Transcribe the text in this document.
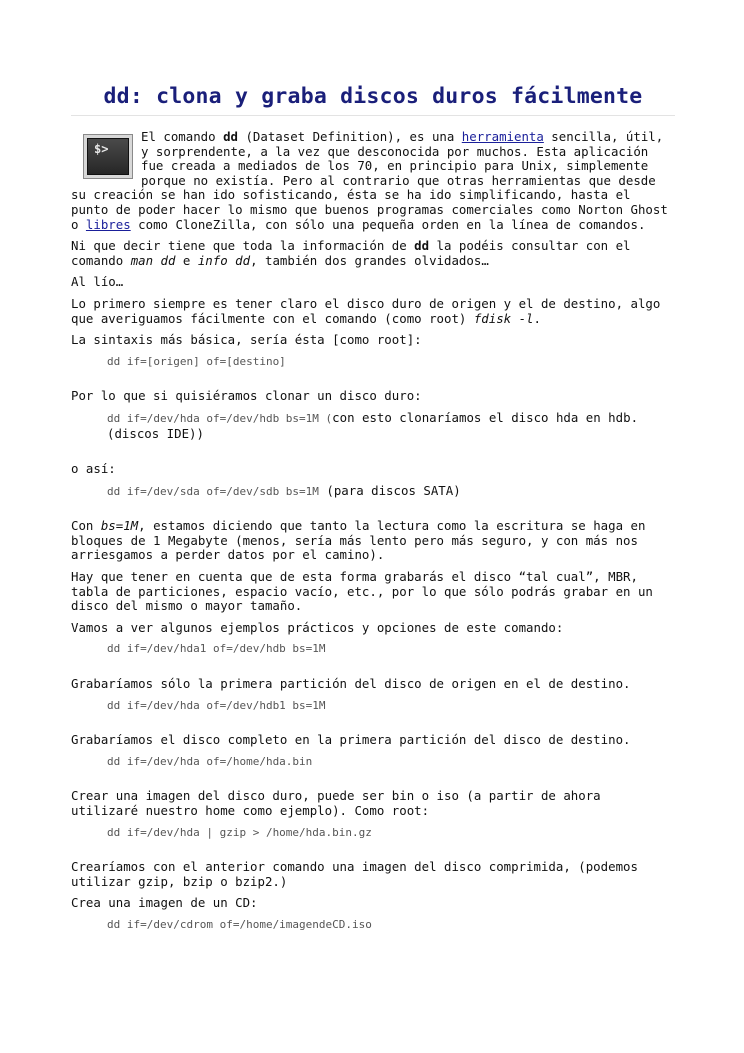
dd: clona y graba discos duros fácilmente
$>

El comando dd (Dataset Definition), es una herramienta sencilla, útil, y sorprendente, a la vez que desconocida por muchos. Esta aplicación fue creada a mediados de los 70, en principio para Unix, simplemente porque no existía. Pero al contrario que otras herramientas que desde su creación se han ido sofisticando, ésta se ha ido simplificando, hasta el punto de poder hacer lo mismo que buenos programas comerciales como Norton Ghost o libres como CloneZilla, con sólo una pequeña orden en la línea de comandos.

Ni que decir tiene que toda la información de dd la podéis consultar con el comando man dd e info dd, también dos grandes olvidados…

Al lío…

Lo primero siempre es tener claro el disco duro de origen y el de destino, algo que averiguamos fácilmente con el comando (como root) fdisk -l.

La sintaxis más básica, sería ésta [como root]:

dd if=[origen] of=[destino]

Por lo que si quisiéramos clonar un disco duro:

dd if=/dev/hda of=/dev/hdb bs=1M (con esto clonaríamos el disco hda en hdb. (discos IDE))

o así:

dd if=/dev/sda of=/dev/sdb bs=1M (para discos SATA)

Con bs=1M, estamos diciendo que tanto la lectura como la escritura se haga en bloques de 1 Megabyte (menos, sería más lento pero más seguro, y con más nos arriesgamos a perder datos por el camino).

Hay que tener en cuenta que de esta forma grabarás el disco “tal cual”, MBR, tabla de particiones, espacio vacío, etc., por lo que sólo podrás grabar en un disco del mismo o mayor tamaño.

Vamos a ver algunos ejemplos prácticos y opciones de este comando:

dd if=/dev/hda1 of=/dev/hdb bs=1M

Grabaríamos sólo la primera partición del disco de origen en el de destino.

dd if=/dev/hda of=/dev/hdb1 bs=1M

Grabaríamos el disco completo en la primera partición del disco de destino.

dd if=/dev/hda of=/home/hda.bin

Crear una imagen del disco duro, puede ser bin o iso (a partir de ahora utilizaré nuestro home como ejemplo). Como root:

dd if=/dev/hda | gzip > /home/hda.bin.gz

Crearíamos con el anterior comando una imagen del disco comprimida, (podemos utilizar gzip, bzip o bzip2.)

Crea una imagen de un CD:

dd if=/dev/cdrom of=/home/imagendeCD.iso
